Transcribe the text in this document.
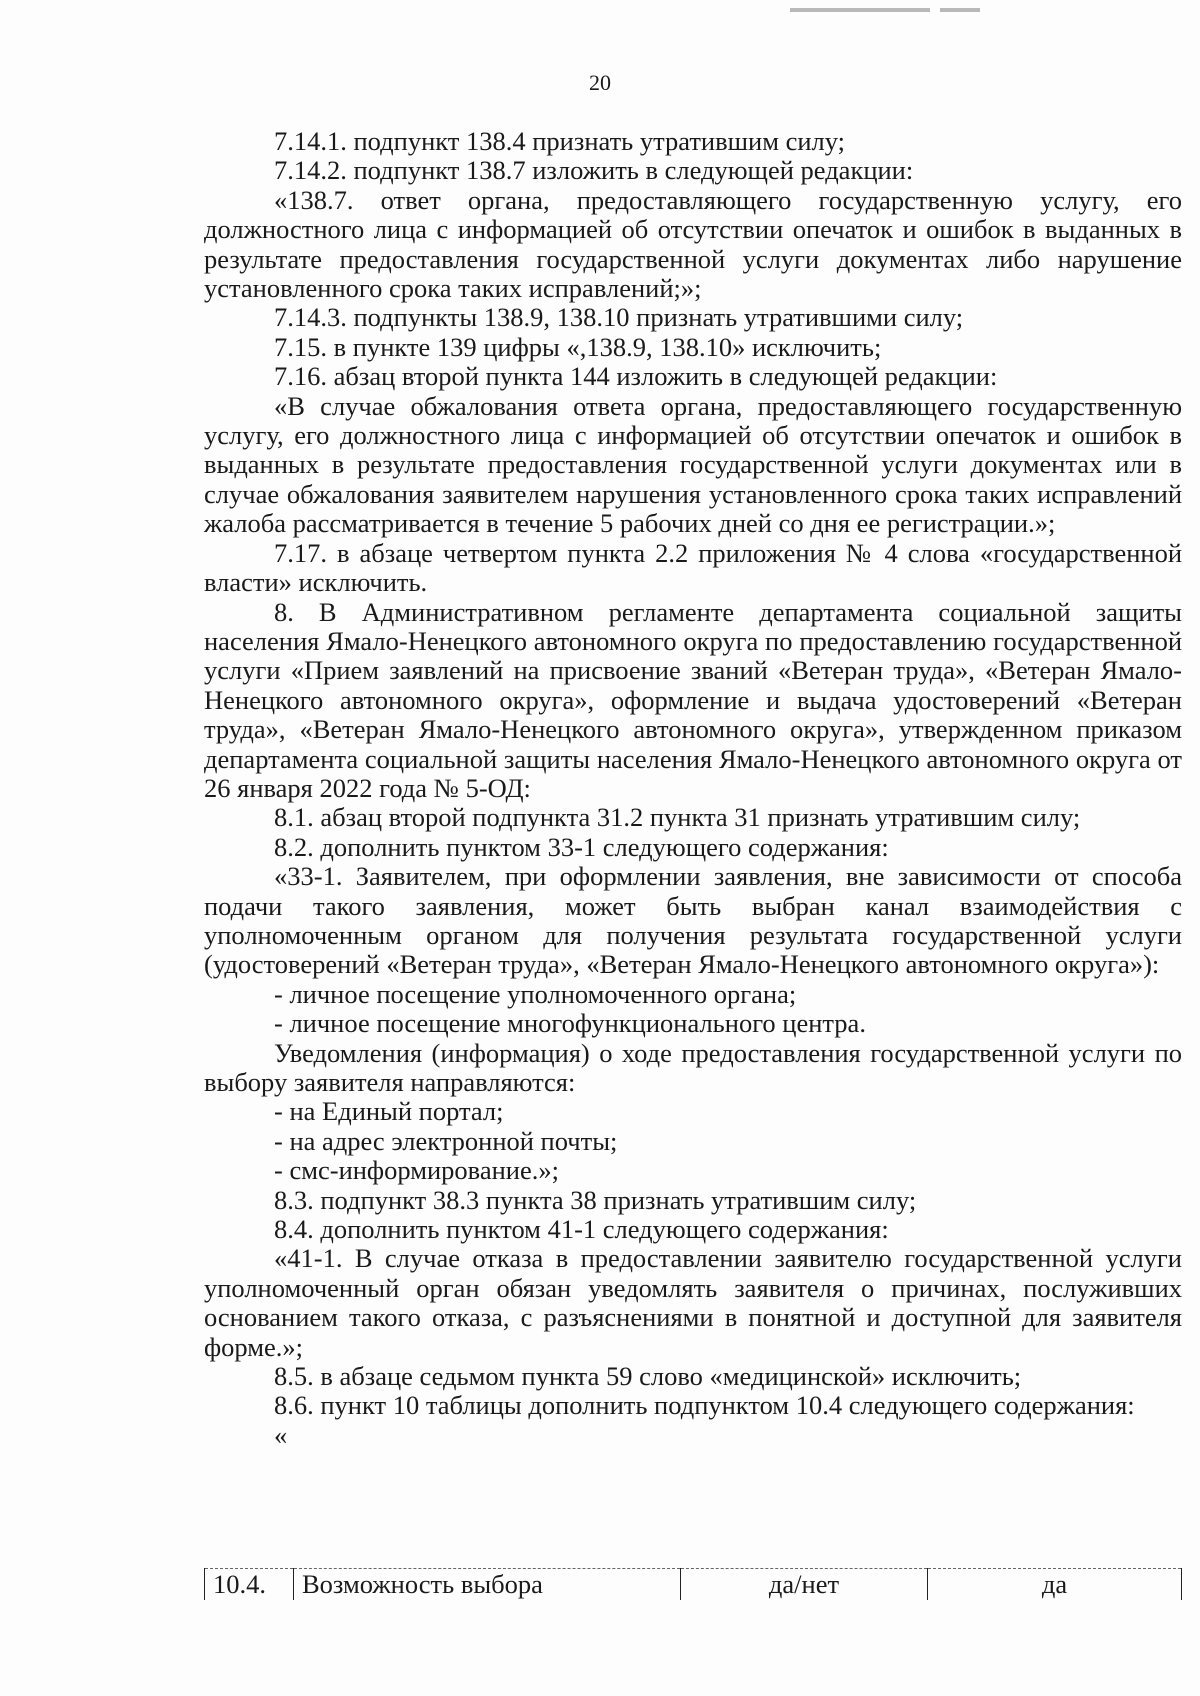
20

7.14.1. подпункт 138.4 признать утратившим силу;

7.14.2. подпункт 138.7 изложить в следующей редакции:

«138.7. ответ органа, предоставляющего государственную услугу, его должностного лица с информацией об отсутствии опечаток и ошибок в выданных в результате предоставления государственной услуги документах либо нарушение установленного срока таких исправлений;»;

7.14.3. подпункты 138.9, 138.10 признать утратившими силу;

7.15. в пункте 139 цифры «,138.9, 138.10» исключить;

7.16. абзац второй пункта 144 изложить в следующей редакции:

«В случае обжалования ответа органа, предоставляющего государственную услугу, его должностного лица с информацией об отсутствии опечаток и ошибок в выданных в результате предоставления государственной услуги документах или в случае обжалования заявителем нарушения установленного срока таких исправлений жалоба рассматривается в течение 5 рабочих дней со дня ее регистрации.»;

7.17. в абзаце четвертом пункта 2.2 приложения № 4 слова «государственной власти» исключить.

8. В Административном регламенте департамента социальной защиты населения Ямало-Ненецкого автономного округа по предоставлению государственной услуги «Прием заявлений на присвоение званий «Ветеран труда», «Ветеран Ямало-Ненецкого автономного округа», оформление и выдача удостоверений «Ветеран труда», «Ветеран Ямало-Ненецкого автономного округа», утвержденном приказом департамента социальной защиты населения Ямало-Ненецкого автономного округа от 26 января 2022 года № 5-ОД:

8.1. абзац второй подпункта 31.2 пункта 31 признать утратившим силу;

8.2. дополнить пунктом 33-1 следующего содержания:

«33-1. Заявителем, при оформлении заявления, вне зависимости от способа подачи такого заявления, может быть выбран канал взаимодействия с уполномоченным органом для получения результата государственной услуги (удостоверений «Ветеран труда», «Ветеран Ямало-Ненецкого автономного округа»):

- личное посещение уполномоченного органа;

- личное посещение многофункционального центра.

Уведомления (информация) о ходе предоставления государственной услуги по выбору заявителя направляются:

- на Единый портал;

- на адрес электронной почты;

- смс-информирование.»;

8.3. подпункт 38.3 пункта 38 признать утратившим силу;

8.4. дополнить пунктом 41-1 следующего содержания:

«41-1. В случае отказа в предоставлении заявителю государственной услуги уполномоченный орган обязан уведомлять заявителя о причинах, послуживших основанием такого отказа, с разъяснениями в понятной и доступной для заявителя форме.»;

8.5. в абзаце седьмом пункта 59 слово «медицинской» исключить;

8.6. пункт 10 таблицы дополнить подпунктом 10.4 следующего содержания:

«

10.4.	Возможность выбора	да/нет	да
